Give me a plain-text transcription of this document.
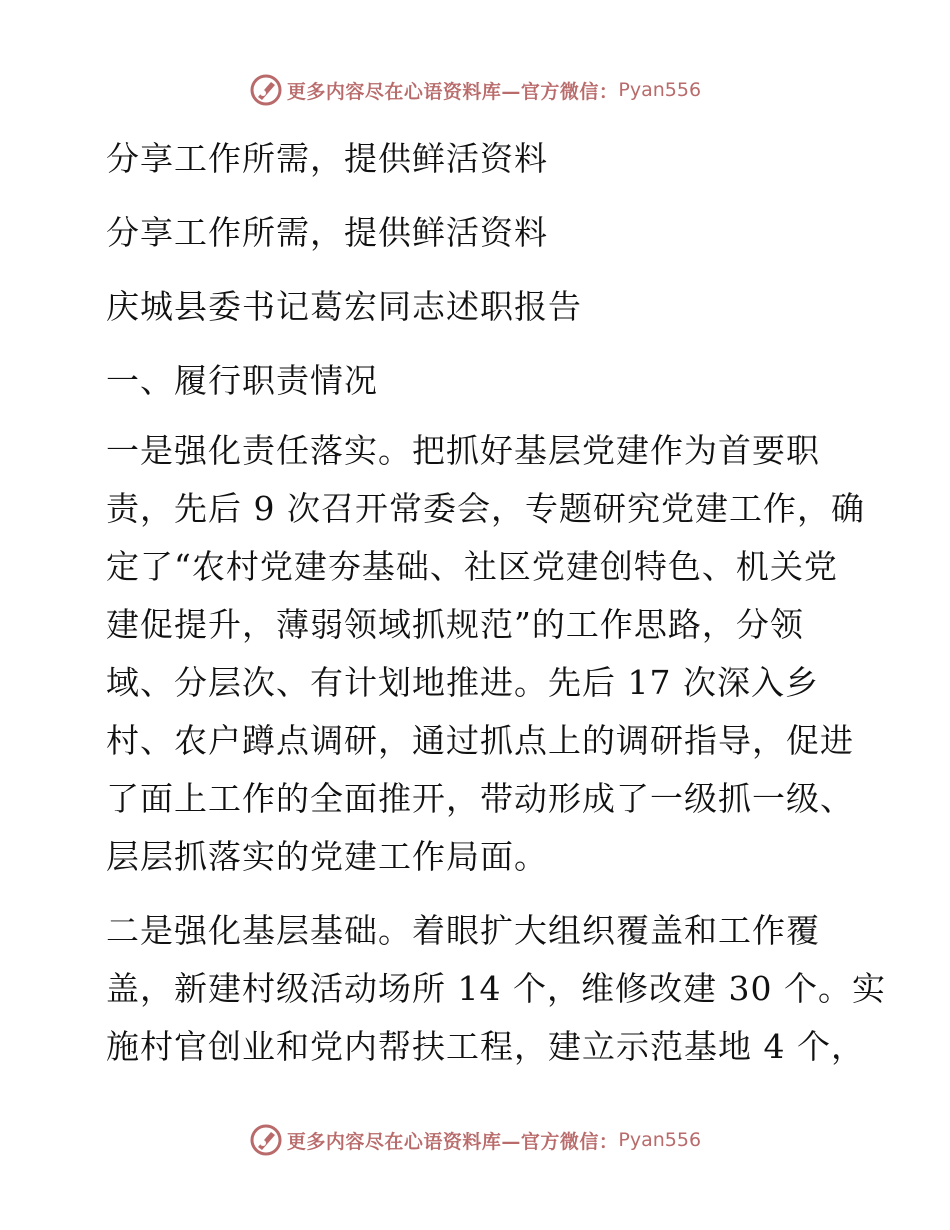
更多内容尽在心语资料库—官方微信： Pyan556
分享工作所需，提供鲜活资料
分享工作所需，提供鲜活资料
庆城县委书记葛宏同志述职报告
一、履行职责情况
一是强化责任落实。把抓好基层党建作为首要职
责，先后 9 次召开常委会，专题研究党建工作，确
定了“农村党建夯基础、社区党建创特色、机关党
建促提升，薄弱领域抓规范”的工作思路，分领
域、分层次、有计划地推进。先后 17 次深入乡
村、农户蹲点调研，通过抓点上的调研指导，促进
了面上工作的全面推开，带动形成了一级抓一级、
层层抓落实的党建工作局面。
二是强化基层基础。着眼扩大组织覆盖和工作覆
盖，新建村级活动场所 14 个，维修改建 30 个。实
施村官创业和党内帮扶工程，建立示范基地 4 个，
更多内容尽在心语资料库—官方微信： Pyan556
